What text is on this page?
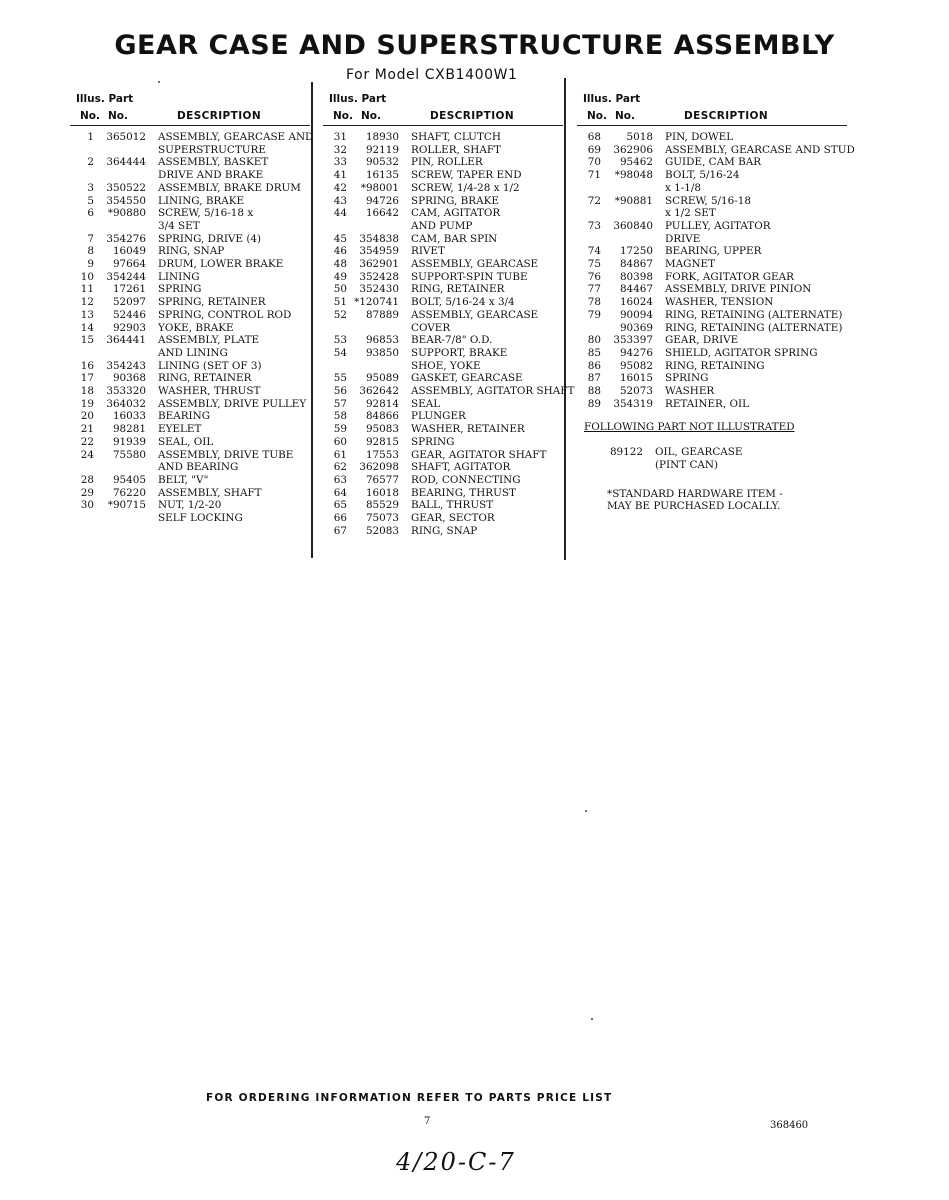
GEAR CASE AND SUPERSTRUCTURE ASSEMBLY
For Model CXB1400W1
Illus. Part
No. No.	DESCRIPTION
1	365012 ASSEMBLY, GEARCASE AND
SUPERSTRUCTURE
2	364444 ASSEMBLY, BASKET
DRIVE AND BRAKE
3	350522 ASSEMBLY, BRAKE DRUM
5	354550 LINING, BRAKE
6	*90880 SCREW, 5/16-18 x
3/4 SET
7	354276 SPRING, DRIVE (4)
8	16049 RING, SNAP
9	97664 DRUM, LOWER BRAKE
10	354244 LINING
11	17261 SPRING
12	52097 SPRING, RETAINER
13	52446 SPRING, CONTROL ROD
14	92903 YOKE, BRAKE
15	364441 ASSEMBLY, PLATE
AND LINING
16	354243 LINING (SET OF 3)
17	90368 RING, RETAINER
18	353320 WASHER, THRUST
19	364032 ASSEMBLY, DRIVE PULLEY
20	16033 BEARING
21	98281 EYELET
22	91939 SEAL, OIL
24	75580 ASSEMBLY, DRIVE TUBE
AND BEARING
28	95405 BELT, "V"
29	76220 ASSEMBLY, SHAFT
30	*90715 NUT, 1/2-20
SELF LOCKING
Illus. Part
No. No.	DESCRIPTION
31	18930 SHAFT, CLUTCH
32	92119 ROLLER, SHAFT
33	90532 PIN, ROLLER
41	16135 SCREW, TAPER END
42	*98001 SCREW, 1/4-28 x 1/2
43	94726 SPRING, BRAKE
44	16642 CAM, AGITATOR
AND PUMP
45	354838 CAM, BAR SPIN
46	354959 RIVET
48	362901 ASSEMBLY, GEARCASE
49	352428 SUPPORT-SPIN TUBE
50	352430 RING, RETAINER
51 *120741 BOLT, 5/16-24 x 3/4
52	87889 ASSEMBLY, GEARCASE
COVER
53	96853 BEAR-7/8" O.D.
54	93850 SUPPORT, BRAKE
SHOE, YOKE
55	95089 GASKET, GEARCASE
56	362642 ASSEMBLY, AGITATOR SHAFT
57	92814 SEAL
58	84866 PLUNGER
59	95083 WASHER, RETAINER
60	92815 SPRING
61	17553 GEAR, AGITATOR SHAFT
62	362098 SHAFT, AGITATOR
63	76577 ROD, CONNECTING
64	16018 BEARING, THRUST
65	85529 BALL, THRUST
66	75073 GEAR, SECTOR
67	52083 RING, SNAP
Illus. Part
No. No.	DESCRIPTION
68	5018 PIN, DOWEL
69	362906 ASSEMBLY, GEARCASE AND STUD
70	95462 GUIDE, CAM BAR
71	*98048 BOLT, 5/16-24
x 1-1/8
72	*90881 SCREW, 5/16-18
x 1/2 SET
73	360840 PULLEY, AGITATOR
DRIVE
74	17250 BEARING, UPPER
75	84867 MAGNET
76	80398 FORK, AGITATOR GEAR
77	84467 ASSEMBLY, DRIVE PINION
78	16024 WASHER, TENSION
79	90094 RING, RETAINING (ALTERNATE)
90369 RING, RETAINING (ALTERNATE)
80	353397 GEAR, DRIVE
85	94276 SHIELD, AGITATOR SPRING
86	95082 RING, RETAINING
87	16015 SPRING
88	52073 WASHER
89	354319 RETAINER, OIL
FOLLOWING PART NOT ILLUSTRATED
89122 OIL, GEARCASE
(PINT CAN)
*STANDARD HARDWARE ITEM -
MAY BE PURCHASED LOCALLY.
FOR ORDERING INFORMATION REFER TO PARTS PRICE LIST
7	368460
4/20-C-7
